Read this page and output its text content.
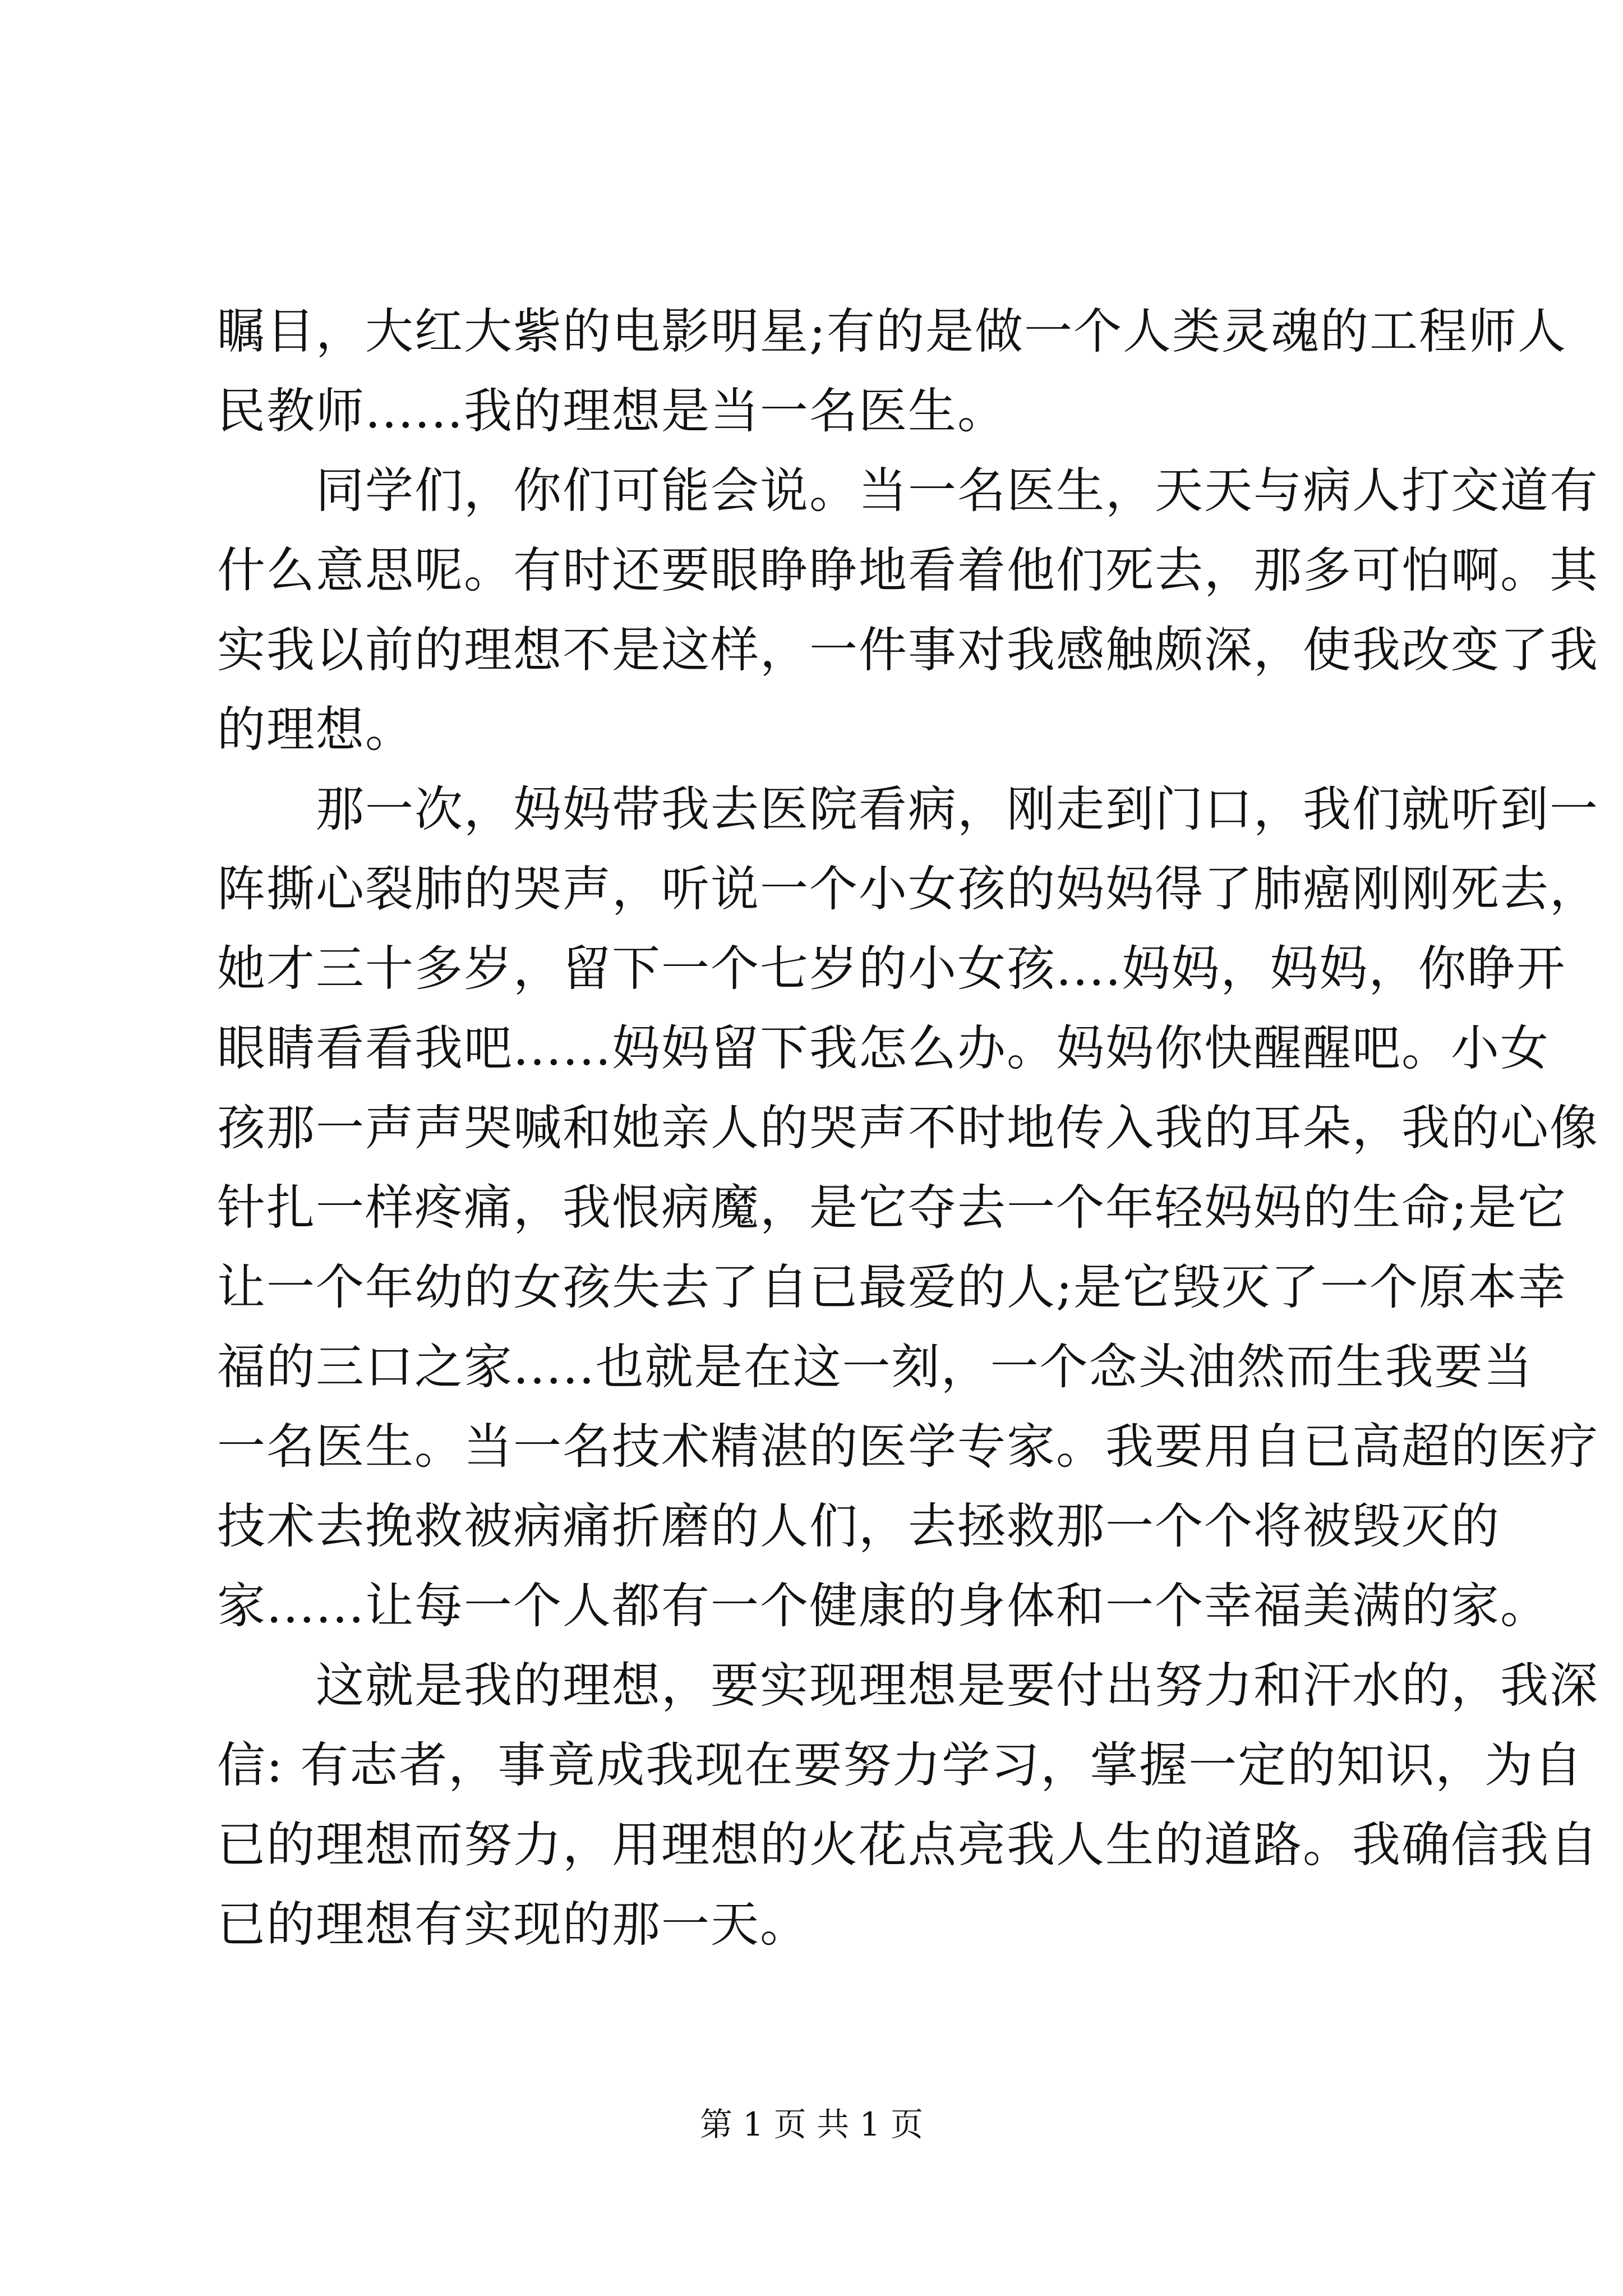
瞩目，大红大紫的电影明星;有的是做一个人类灵魂的工程师人
民教师......我的理想是当一名医生。
　　同学们，你们可能会说。当一名医生，天天与病人打交道有
什么意思呢。有时还要眼睁睁地看着他们死去，那多可怕啊。其
实我以前的理想不是这样，一件事对我感触颇深，使我改变了我
的理想。
　　那一次，妈妈带我去医院看病，刚走到门口，我们就听到一
阵撕心裂肺的哭声，听说一个小女孩的妈妈得了肺癌刚刚死去，
她才三十多岁，留下一个七岁的小女孩....妈妈，妈妈，你睁开
眼睛看看我吧......妈妈留下我怎么办。妈妈你快醒醒吧。小女
孩那一声声哭喊和她亲人的哭声不时地传入我的耳朵，我的心像
针扎一样疼痛，我恨病魔，是它夺去一个年轻妈妈的生命;是它
让一个年幼的女孩失去了自已最爱的人;是它毁灭了一个原本幸
福的三口之家.....也就是在这一刻，一个念头油然而生我要当
一名医生。当一名技术精湛的医学专家。我要用自已高超的医疗
技术去挽救被病痛折磨的人们，去拯救那一个个将被毁灭的
家......让每一个人都有一个健康的身体和一个幸福美满的家。
　　这就是我的理想，要实现理想是要付出努力和汗水的，我深
信: 有志者，事竟成我现在要努力学习，掌握一定的知识，为自
已的理想而努力，用理想的火花点亮我人生的道路。我确信我自
已的理想有实现的那一天。
第 1 页 共 1 页
